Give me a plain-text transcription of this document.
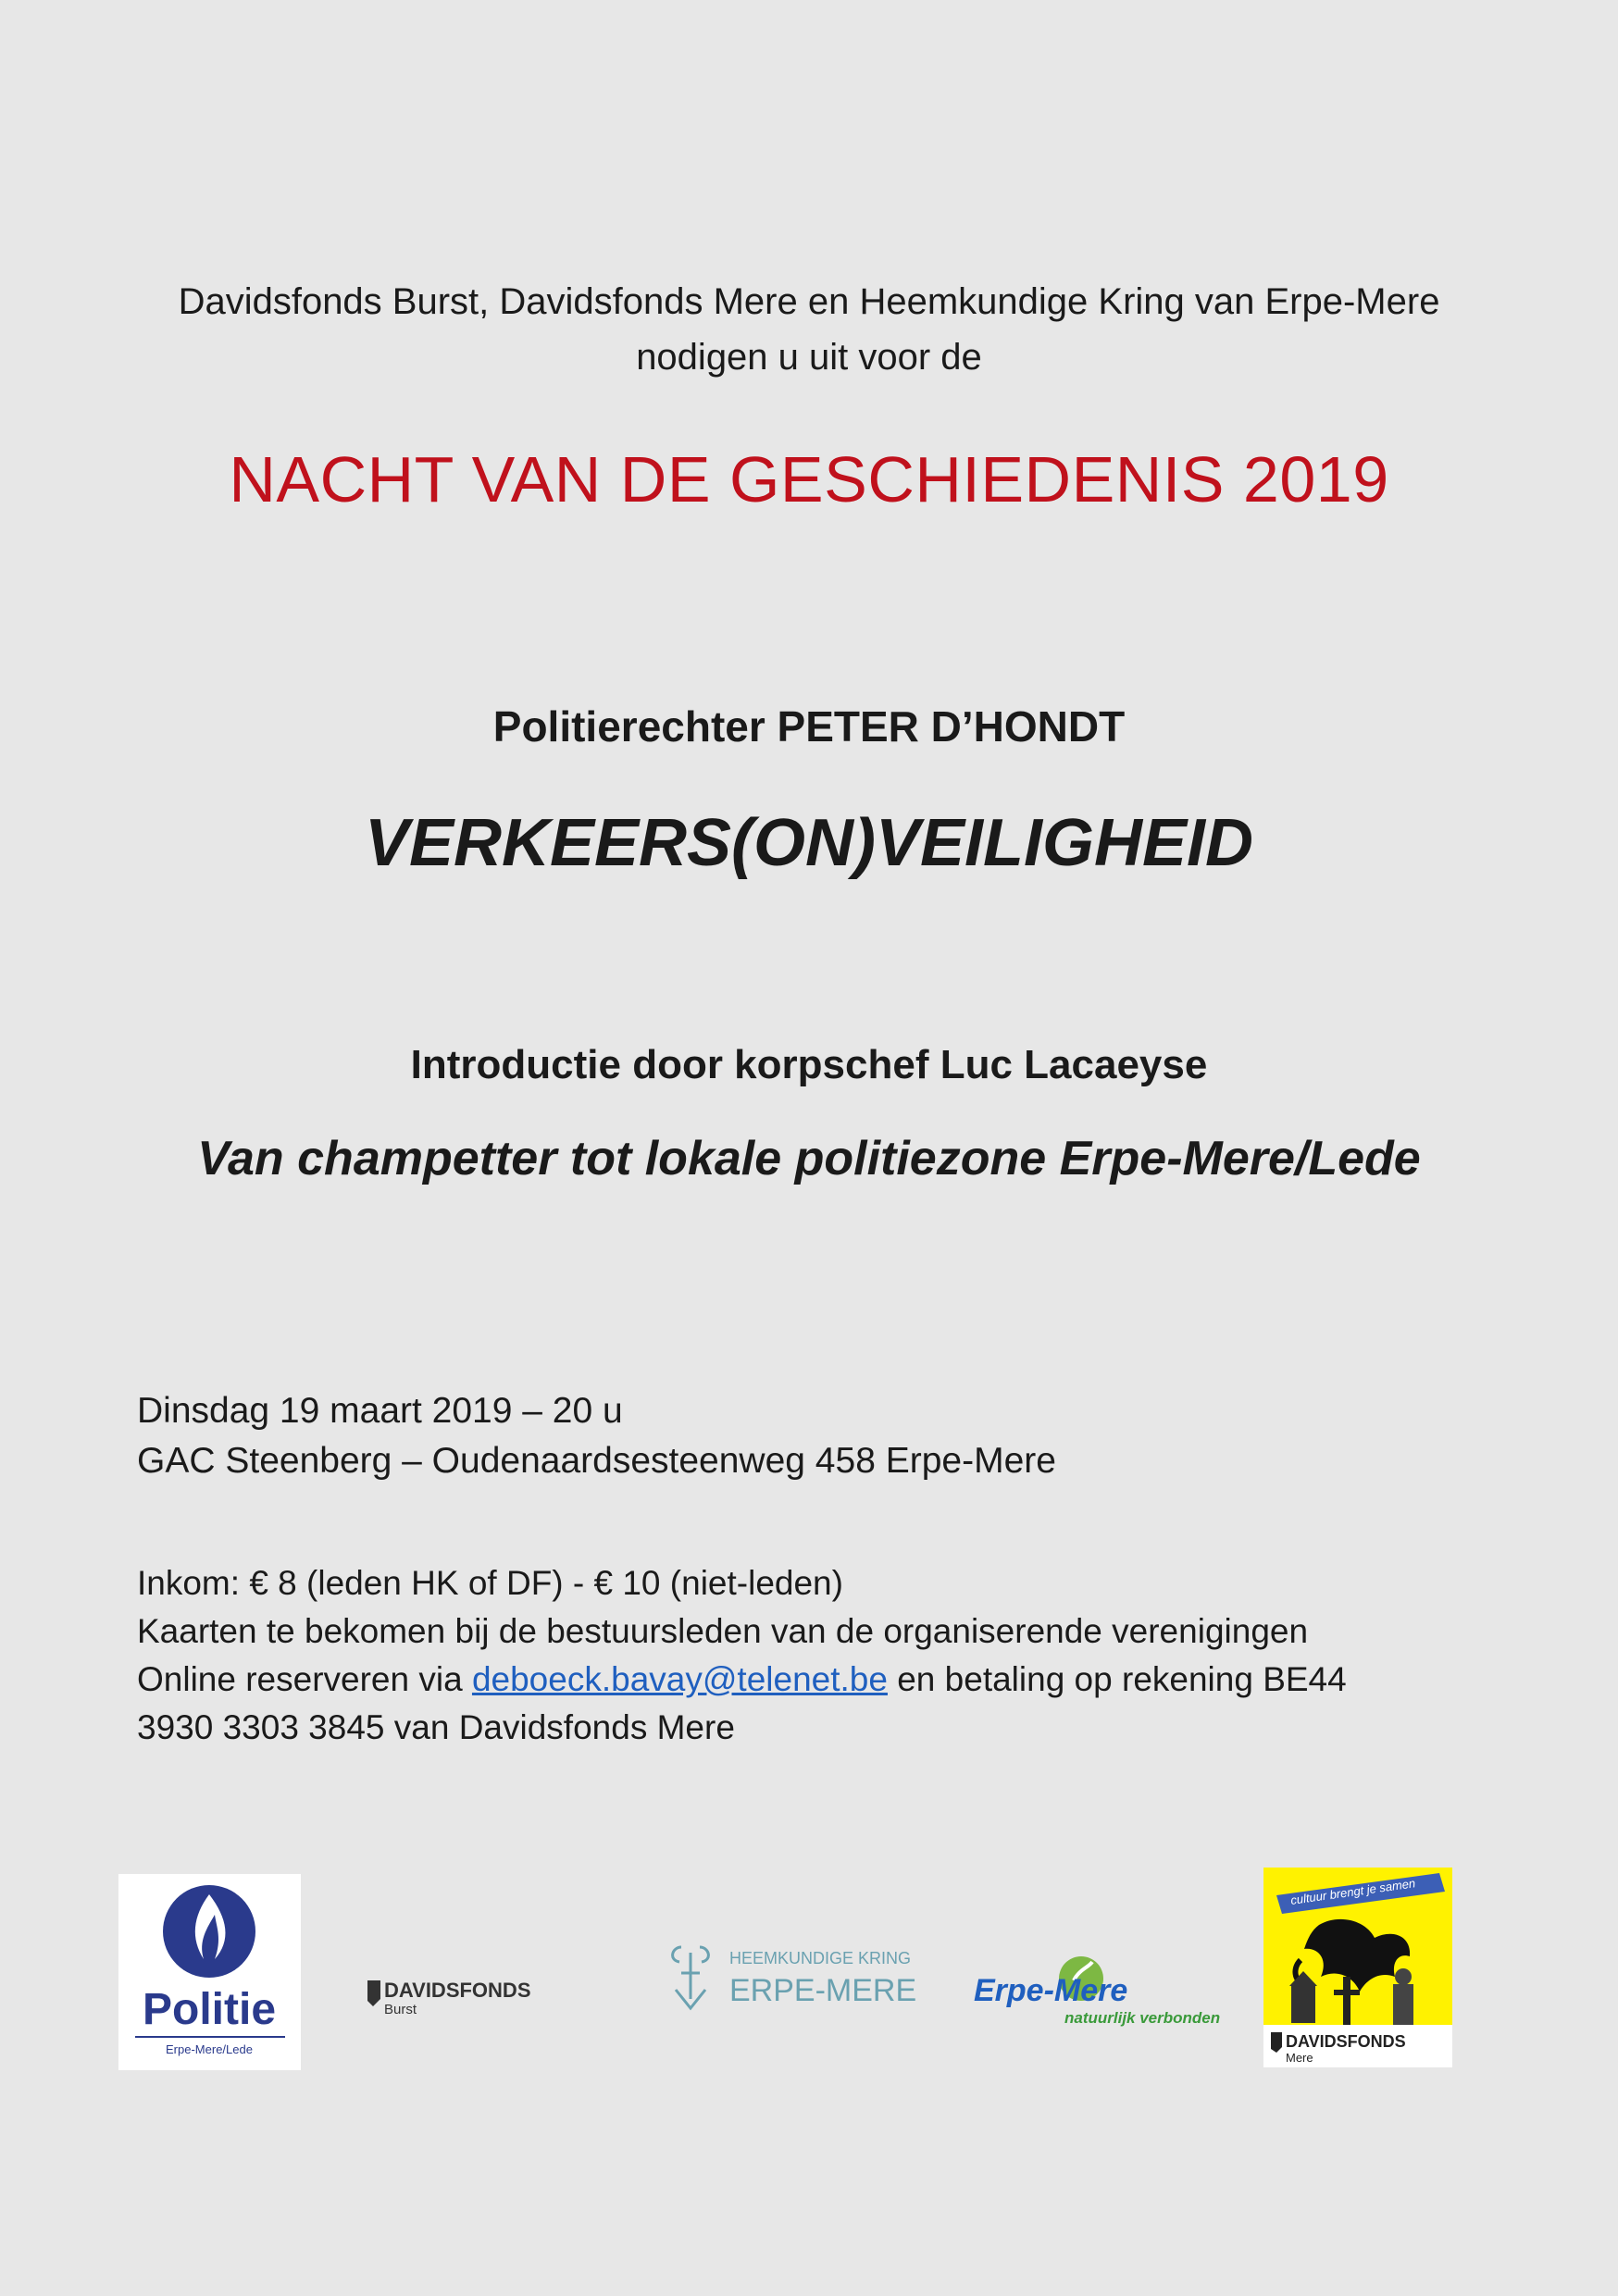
Davidsfonds Burst, Davidsfonds Mere en Heemkundige Kring van Erpe-Mere
nodigen u uit voor de
NACHT VAN DE GESCHIEDENIS 2019
Politierechter PETER D’HONDT
VERKEERS(ON)VEILIGHEID
Introductie door korpschef Luc Lacaeyse
Van champetter tot lokale politiezone Erpe-Mere/Lede
Dinsdag 19 maart 2019 – 20 u
GAC Steenberg – Oudenaardsesteenweg 458 Erpe-Mere
Inkom: € 8 (leden HK of DF) - € 10 (niet-leden)
Kaarten te bekomen bij de bestuursleden van de organiserende verenigingen
Online reserveren via deboeck.bavay@telenet.be en betaling op rekening BE44
3930 3303 3845 van Davidsfonds Mere
Politie
Erpe-Mere/Lede
DAVIDSFONDS
Burst
HEEMKUNDIGE KRING
ERPE-MERE Erpe-Mere
natuurlijk verbonden
cultuur brengt je samen
DAVIDSFONDS
Mere
